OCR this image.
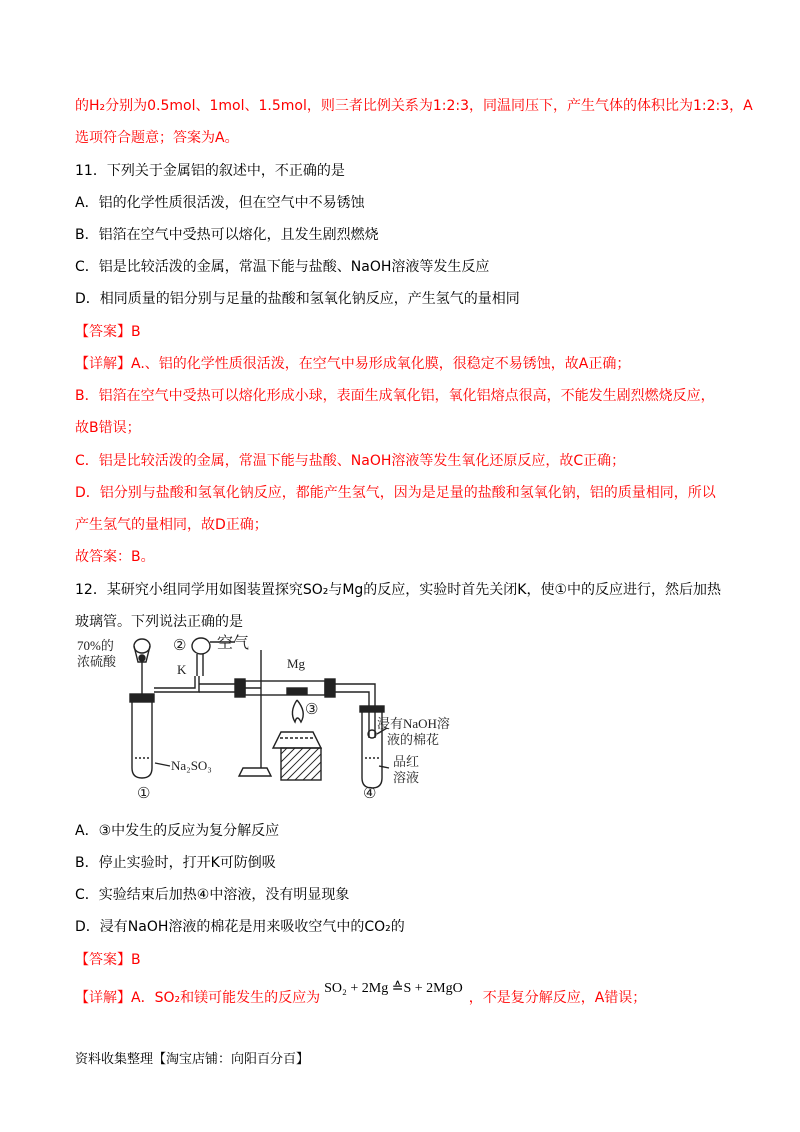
的H₂分别为0.5mol、1mol、1.5mol，则三者比例关系为1:2:3，同温同压下，产生气体的体积比为1:2:3，A
选项符合题意；答案为A。
11．下列关于金属铝的叙述中，不正确的是
A．铝的化学性质很活泼，但在空气中不易锈蚀
B．铝箔在空气中受热可以熔化，且发生剧烈燃烧
C．铝是比较活泼的金属，常温下能与盐酸、NaOH溶液等发生反应
D．相同质量的铝分别与足量的盐酸和氢氧化钠反应，产生氢气的量相同
【答案】B
【详解】A.、铝的化学性质很活泼，在空气中易形成氧化膜，很稳定不易锈蚀，故A正确；
B．铝箔在空气中受热可以熔化形成小球，表面生成氧化铝，氧化铝熔点很高，不能发生剧烈燃烧反应，
故B错误；
C．铝是比较活泼的金属，常温下能与盐酸、NaOH溶液等发生氧化还原反应，故C正确；
D．铝分别与盐酸和氢氧化钠反应，都能产生氢气，因为是足量的盐酸和氢氧化钠，铝的质量相同，所以
产生氢气的量相同，故D正确；
故答案：B。
12．某研究小组同学用如图装置探究SO₂与Mg的反应，实验时首先关闭K，使①中的反应进行，然后加热
玻璃管。下列说法正确的是
70%的
浓硫酸
② 空气
K	Mg
③
Na₂SO₃
①
浸有NaOH溶
液的棉花
品红
溶液
④
A．③中发生的反应为复分解反应
B．停止实验时，打开K可防倒吸
C．实验结束后加热④中溶液，没有明显现象
D．浸有NaOH溶液的棉花是用来吸收空气中的CO₂的
【答案】B
【详解】A．SO₂和镁可能发生的反应为SO₂ + 2Mg ≙S + 2MgO，不是复分解反应，A错误；
资料收集整理【淘宝店铺：向阳百分百】
